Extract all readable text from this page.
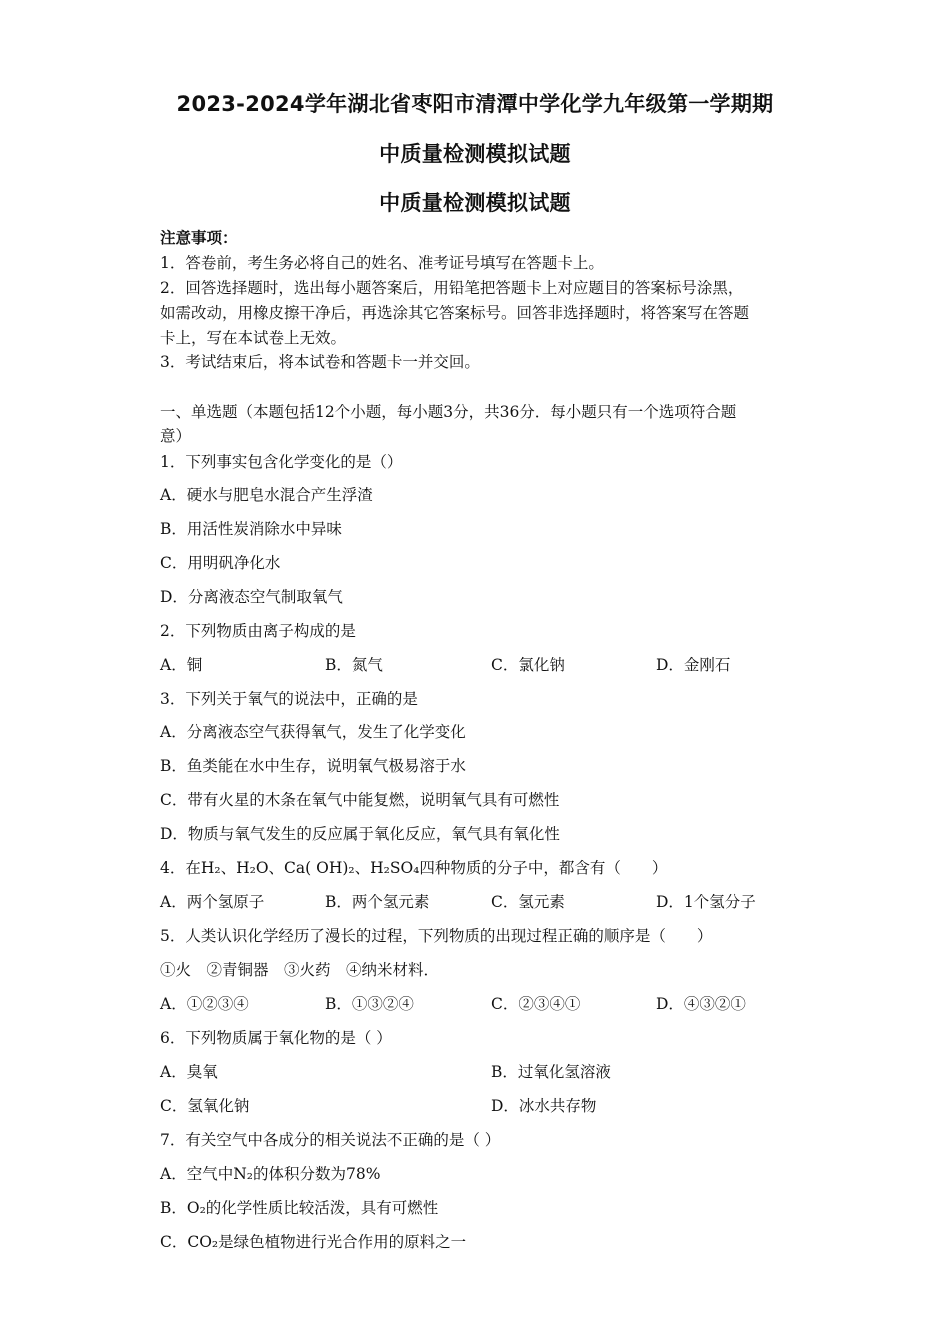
2023-2024学年湖北省枣阳市清潭中学化学九年级第一学期期
中质量检测模拟试题
中质量检测模拟试题
注意事项：
1．答卷前，考生务必将自己的姓名、准考证号填写在答题卡上。
2．回答选择题时，选出每小题答案后，用铅笔把答题卡上对应题目的答案标号涂黑，
如需改动，用橡皮擦干净后，再选涂其它答案标号。回答非选择题时，将答案写在答题
卡上，写在本试卷上无效。
3．考试结束后，将本试卷和答题卡一并交回。
一、单选题（本题包括12个小题，每小题3分，共36分．每小题只有一个选项符合题
意）
1．下列事实包含化学变化的是（）
A．硬水与肥皂水混合产生浮渣
B．用活性炭消除水中异味
C．用明矾净化水
D．分离液态空气制取氧气
2．下列物质由离子构成的是
A．铜	B．氮气	C．氯化钠	D．金刚石
3．下列关于氧气的说法中，正确的是
A．分离液态空气获得氧气，发生了化学变化
B．鱼类能在水中生存，说明氧气极易溶于水
C．带有火星的木条在氧气中能复燃，说明氧气具有可燃性
D．物质与氧气发生的反应属于氧化反应，氧气具有氧化性
4．在H₂、H₂O、Ca( OH)₂、H₂SO₄四种物质的分子中，都含有（　　）
A．两个氢原子	B．两个氢元素	C．氢元素	D．1个氢分子
5．人类认识化学经历了漫长的过程，下列物质的出现过程正确的顺序是（　　）
①火　②青铜器　③火药　④纳米材料．
A．①②③④	B．①③②④	C．②③④①	D．④③②①
6．下列物质属于氧化物的是（ ）
A．臭氧	B．过氧化氢溶液
C．氢氧化钠	D．冰水共存物
7．有关空气中各成分的相关说法不正确的是（ ）
A．空气中N₂的体积分数为78%
B．O₂的化学性质比较活泼，具有可燃性
C．CO₂是绿色植物进行光合作用的原料之一
